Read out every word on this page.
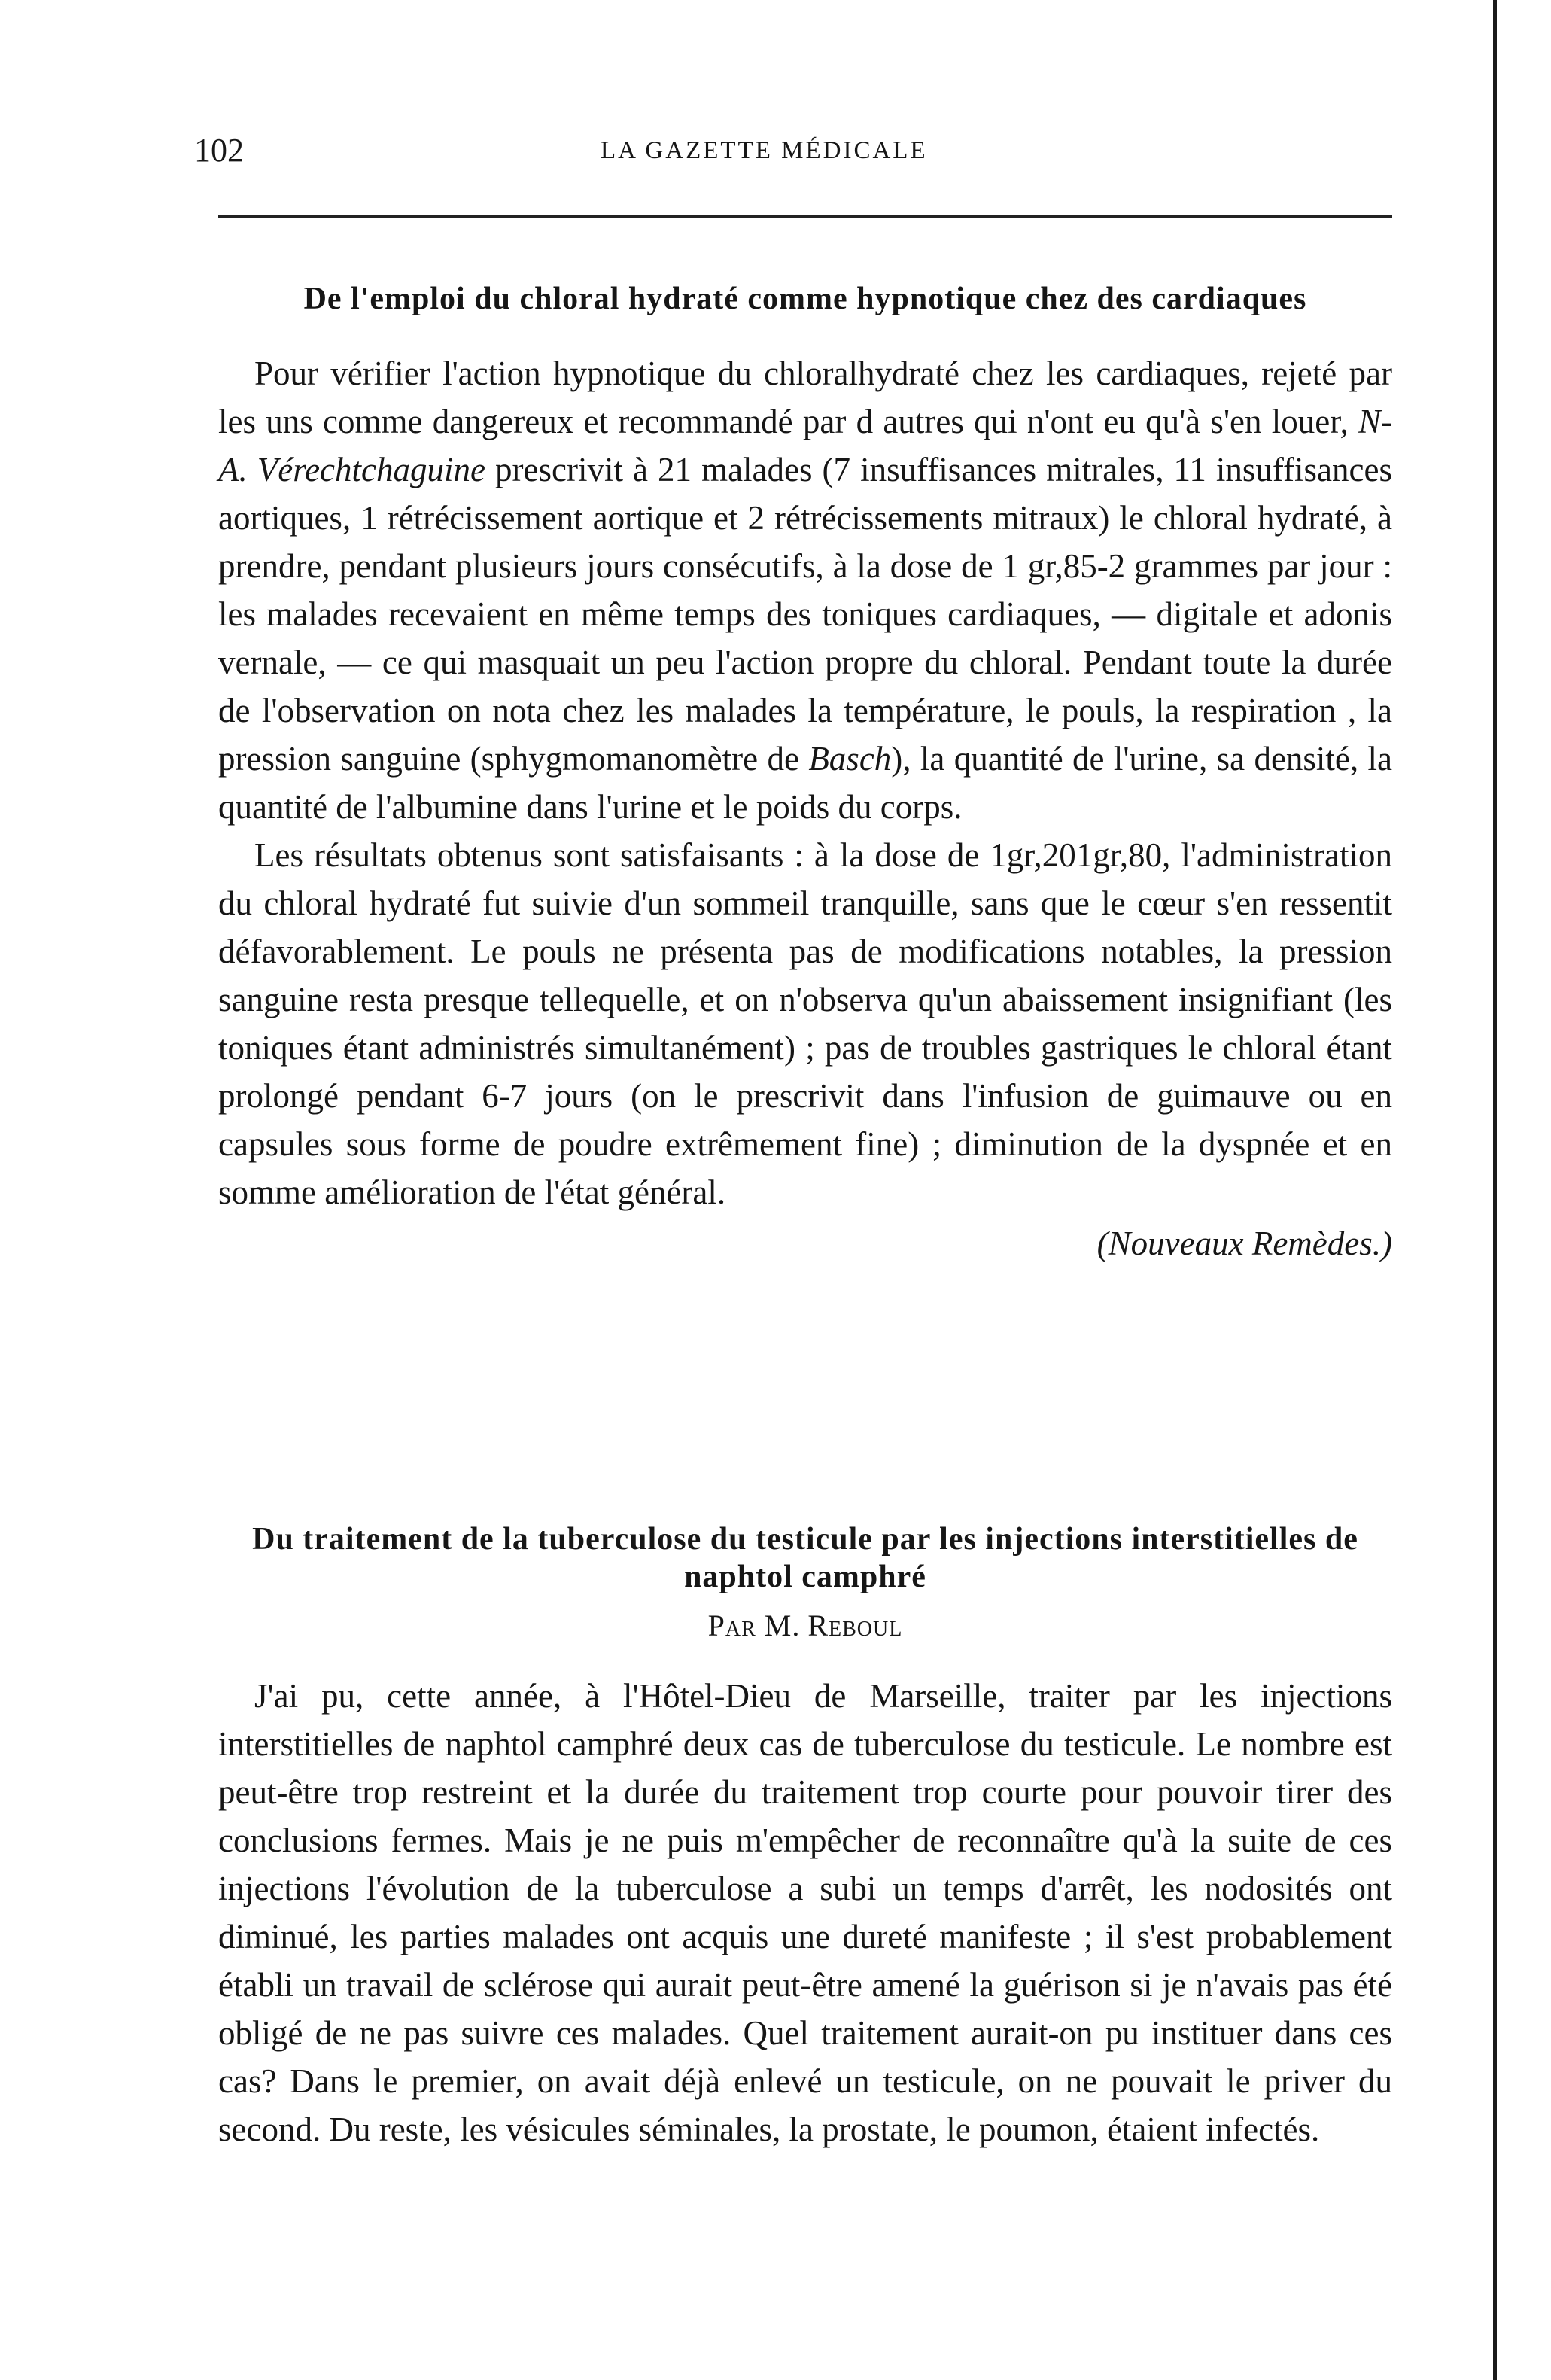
102	LA GAZETTE MÉDICALE
De l'emploi du chloral hydraté comme hypnotique chez des cardiaques
Pour vérifier l'action hypnotique du chloralhydraté chez les cardiaques, rejeté par les uns comme dangereux et recommandé par d autres qui n'ont eu qu'à s'en louer, N-A. Vérechtchaguine prescrivit à 21 malades (7 insuffisances mitrales, 11 insuffisances aortiques, 1 rétrécissement aortique et 2 rétrécissements mitraux) le chloral hydraté, à prendre, pendant plusieurs jours consécutifs, à la dose de 1 gr,85-2 grammes par jour : les malades recevaient en même temps des toniques cardiaques, — digitale et adonis vernale, — ce qui masquait un peu l'action propre du chloral. Pendant toute la durée de l'observation on nota chez les malades la température, le pouls, la respiration , la pression sanguine (sphygmomanomètre de Basch), la quantité de l'urine, sa densité, la quantité de l'albumine dans l'urine et le poids du corps.
Les résultats obtenus sont satisfaisants : à la dose de 1gr,201gr,80, l'administration du chloral hydraté fut suivie d'un sommeil tranquille, sans que le cœur s'en ressentit défavorablement. Le pouls ne présenta pas de modifications notables, la pression sanguine resta presque tellequelle, et on n'observa qu'un abaissement insignifiant (les toniques étant administrés simultanément) ; pas de troubles gastriques le chloral étant prolongé pendant 6-7 jours (on le prescrivit dans l'infusion de guimauve ou en capsules sous forme de poudre extrêmement fine) ; diminution de la dyspnée et en somme amélioration de l'état général.
(Nouveaux Remèdes.)
Du traitement de la tuberculose du testicule par les injections interstitielles de naphtol camphré
Par M. Reboul
J'ai pu, cette année, à l'Hôtel-Dieu de Marseille, traiter par les injections interstitielles de naphtol camphré deux cas de tuberculose du testicule. Le nombre est peut-être trop restreint et la durée du traitement trop courte pour pouvoir tirer des conclusions fermes. Mais je ne puis m'empêcher de reconnaître qu'à la suite de ces injections l'évolution de la tuberculose a subi un temps d'arrêt, les nodosités ont diminué, les parties malades ont acquis une dureté manifeste ; il s'est probablement établi un travail de sclérose qui aurait peut-être amené la guérison si je n'avais pas été obligé de ne pas suivre ces malades. Quel traitement aurait-on pu instituer dans ces cas? Dans le premier, on avait déjà enlevé un testicule, on ne pouvait le priver du second. Du reste, les vésicules séminales, la prostate, le poumon, étaient infectés.
